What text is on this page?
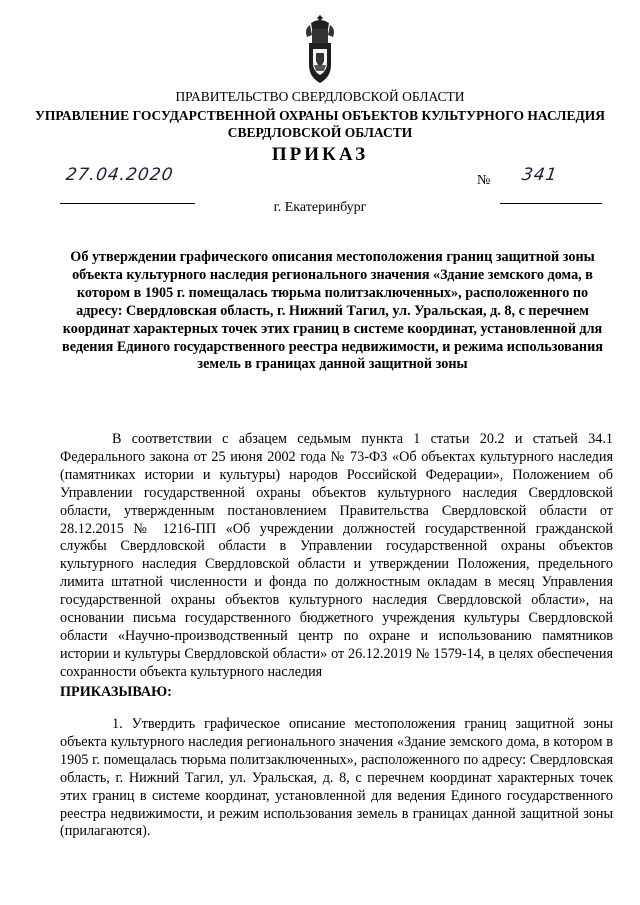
ПРАВИТЕЛЬСТВО СВЕРДЛОВСКОЙ ОБЛАСТИ
УПРАВЛЕНИЕ ГОСУДАРСТВЕННОЙ ОХРАНЫ ОБЪЕКТОВ КУЛЬТУРНОГО НАСЛЕДИЯ СВЕРДЛОВСКОЙ ОБЛАСТИ
ПРИКАЗ
27.04.2020	№ 341
г. Екатеринбург
Об утверждении графического описания местоположения границ защитной зоны объекта культурного наследия регионального значения «Здание земского дома, в котором в 1905 г. помещалась тюрьма политзаключенных», расположенного по адресу: Свердловская область, г. Нижний Тагил, ул. Уральская, д. 8, с перечнем координат характерных точек этих границ в системе координат, установленной для ведения Единого государственного реестра недвижимости, и режима использования земель в границах данной защитной зоны
В соответствии с абзацем седьмым пункта 1 статьи 20.2 и статьей 34.1 Федерального закона от 25 июня 2002 года № 73-ФЗ «Об объектах культурного наследия (памятниках истории и культуры) народов Российской Федерации», Положением об Управлении государственной охраны объектов культурного наследия Свердловской области, утвержденным постановлением Правительства Свердловской области от 28.12.2015 № 1216-ПП «Об учреждении должностей государственной гражданской службы Свердловской области в Управлении государственной охраны объектов культурного наследия Свердловской области и утверждении Положения, предельного лимита штатной численности и фонда по должностным окладам в месяц Управления государственной охраны объектов культурного наследия Свердловской области», на основании письма государственного бюджетного учреждения культуры Свердловской области «Научно-производственный центр по охране и использованию памятников истории и культуры Свердловской области» от 26.12.2019 № 1579-14, в целях обеспечения сохранности объекта культурного наследия
ПРИКАЗЫВАЮ:
1. Утвердить графическое описание местоположения границ защитной зоны объекта культурного наследия регионального значения «Здание земского дома, в котором в 1905 г. помещалась тюрьма политзаключенных», расположенного по адресу: Свердловская область, г. Нижний Тагил, ул. Уральская, д. 8, с перечнем координат характерных точек этих границ в системе координат, установленной для ведения Единого государственного реестра недвижимости, и режим использования земель в границах данной защитной зоны (прилагаются).
